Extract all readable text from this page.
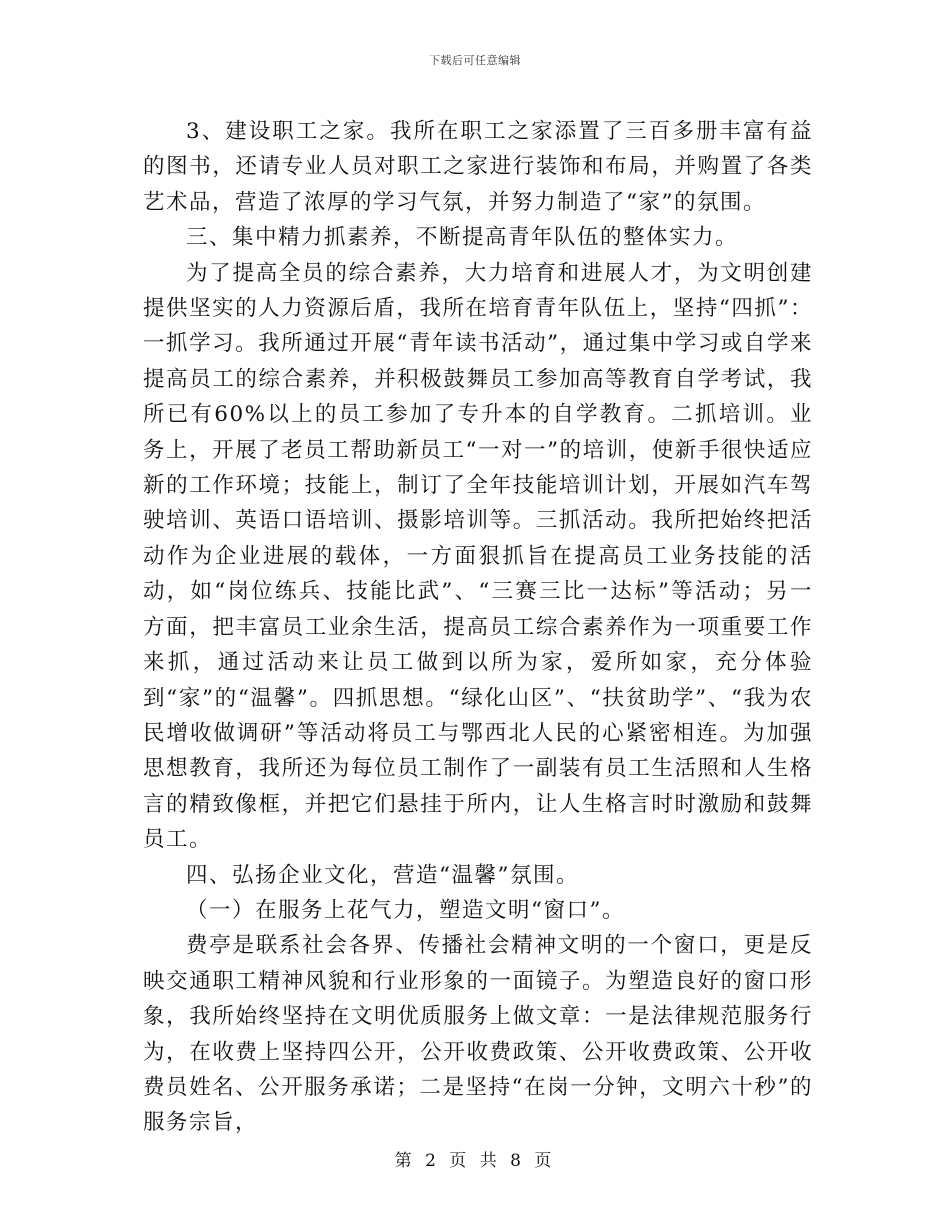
下载后可任意编辑

3、建设职工之家。我所在职工之家添置了三百多册丰富有益的图书，还请专业人员对职工之家进行装饰和布局，并购置了各类艺术品，营造了浓厚的学习气氛，并努力制造了“家”的氛围。

三、集中精力抓素养，不断提高青年队伍的整体实力。

为了提高全员的综合素养，大力培育和进展人才，为文明创建提供坚实的人力资源后盾，我所在培育青年队伍上，坚持“四抓”：一抓学习。我所通过开展“青年读书活动”，通过集中学习或自学来提高员工的综合素养，并积极鼓舞员工参加高等教育自学考试，我所已有60%以上的员工参加了专升本的自学教育。二抓培训。业务上，开展了老员工帮助新员工“一对一”的培训，使新手很快适应新的工作环境；技能上，制订了全年技能培训计划，开展如汽车驾驶培训、英语口语培训、摄影培训等。三抓活动。我所把始终把活动作为企业进展的载体，一方面狠抓旨在提高员工业务技能的活动，如“岗位练兵、技能比武”、“三赛三比一达标”等活动；另一方面，把丰富员工业余生活，提高员工综合素养作为一项重要工作来抓，通过活动来让员工做到以所为家，爱所如家，充分体验到“家”的“温馨”。四抓思想。“绿化山区”、“扶贫助学”、“我为农民增收做调研”等活动将员工与鄂西北人民的心紧密相连。为加强思想教育，我所还为每位员工制作了一副装有员工生活照和人生格言的精致像框，并把它们悬挂于所内，让人生格言时时激励和鼓舞员工。

四、弘扬企业文化，营造“温馨”氛围。

（一）在服务上花气力，塑造文明“窗口”。

费亭是联系社会各界、传播社会精神文明的一个窗口，更是反映交通职工精神风貌和行业形象的一面镜子。为塑造良好的窗口形象，我所始终坚持在文明优质服务上做文章：一是法律规范服务行为，在收费上坚持四公开，公开收费政策、公开收费政策、公开收费员姓名、公开服务承诺；二是坚持“在岗一分钟，文明六十秒”的服务宗旨，

第 2 页 共 8 页
